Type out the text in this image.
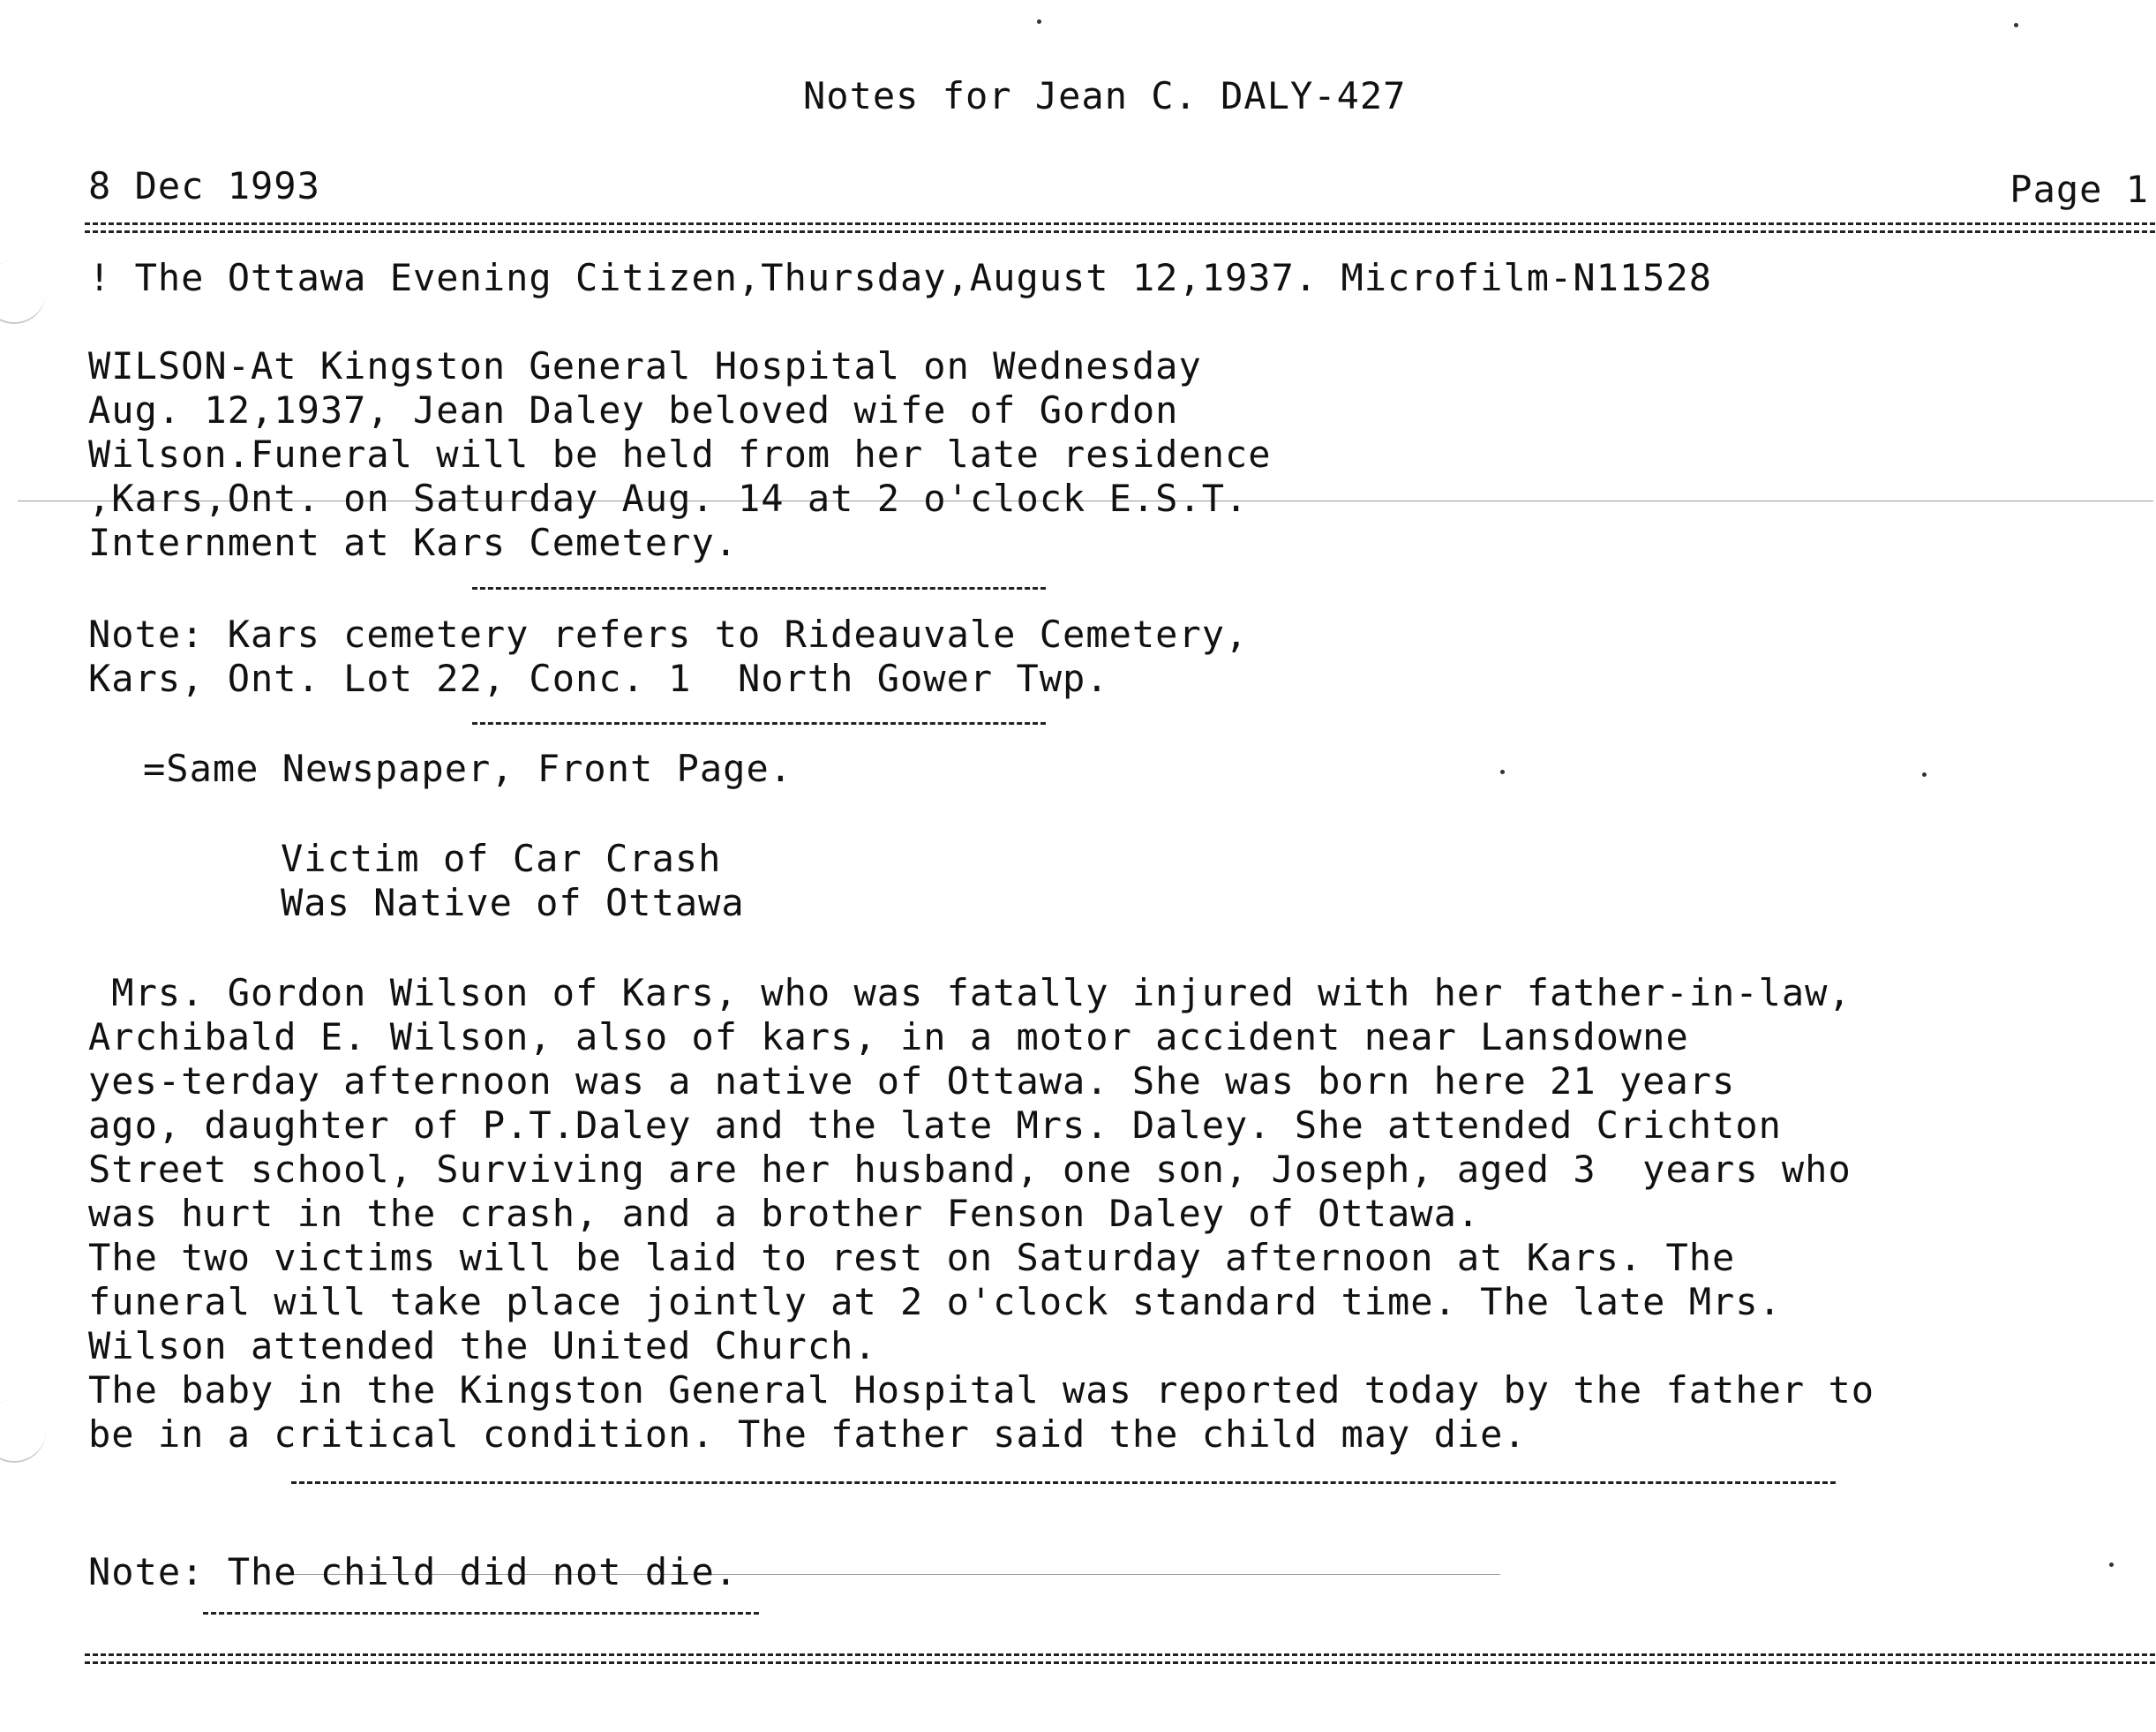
Notes for Jean C. DALY-427
8 Dec 1993	Page 1
! The Ottawa Evening Citizen,Thursday,August 12,1937. Microfilm-N11528
WILSON-At Kingston General Hospital on Wednesday
Aug. 12,1937, Jean Daley beloved wife of Gordon
Wilson.Funeral will be held from her late residence
,Kars,Ont. on Saturday Aug. 14 at 2 o'clock E.S.T.
Internment at Kars Cemetery.
Note: Kars cemetery refers to Rideauvale Cemetery,
Kars, Ont. Lot 22, Conc. 1  North Gower Twp.
=Same Newspaper, Front Page.
Victim of Car Crash
Was Native of Ottawa
Mrs. Gordon Wilson of Kars, who was fatally injured with her father-in-law,
Archibald E. Wilson, also of kars, in a motor accident near Lansdowne
yes-terday afternoon was a native of Ottawa. She was born here 21 years
ago, daughter of P.T.Daley and the late Mrs. Daley. She attended Crichton
Street school, Surviving are her husband, one son, Joseph, aged 3  years who
was hurt in the crash, and a brother Fenson Daley of Ottawa.
The two victims will be laid to rest on Saturday afternoon at Kars. The
funeral will take place jointly at 2 o'clock standard time. The late Mrs.
Wilson attended the United Church.
The baby in the Kingston General Hospital was reported today by the father to
be in a critical condition. The father said the child may die.
Note: The child did not die.
